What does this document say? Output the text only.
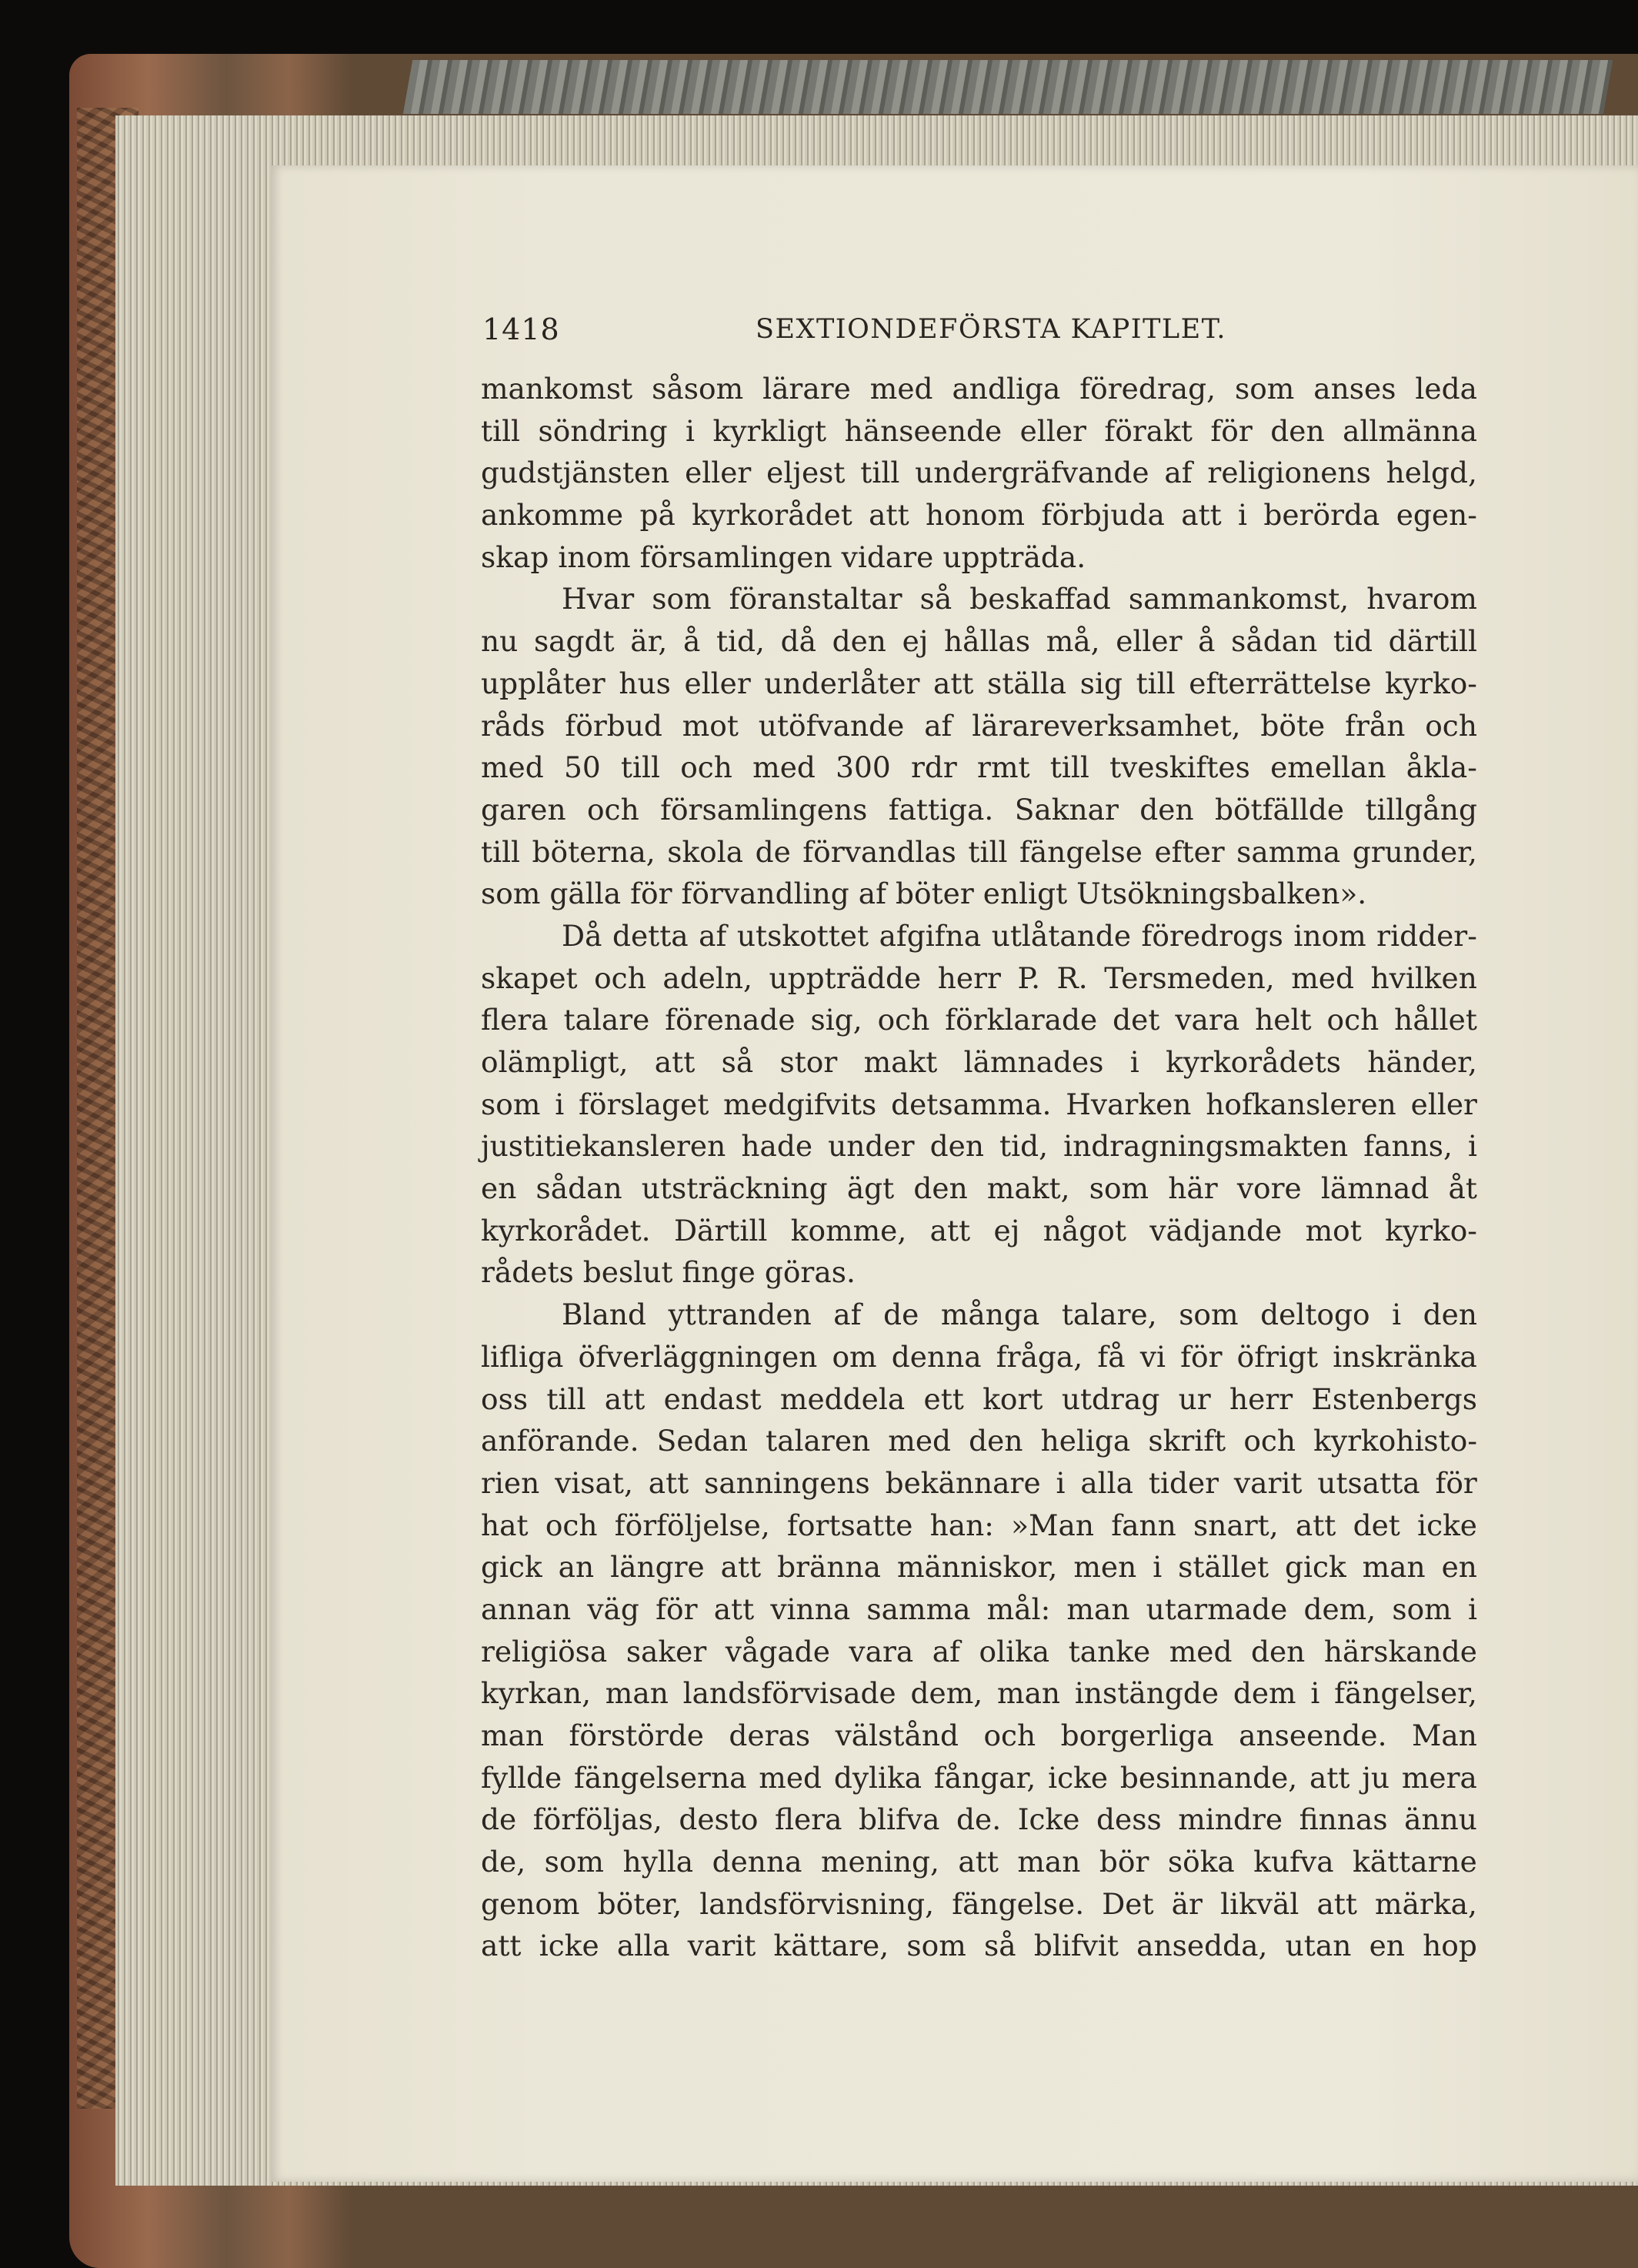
1418	SEXTIONDEFÖRSTA KAPITLET.
mankomst såsom lärare med andliga föredrag, som anses leda
till söndring i kyrkligt hänseende eller förakt för den allmänna
gudstjänsten eller eljest till undergräfvande af religionens helgd,
ankomme på kyrkorådet att honom förbjuda att i berörda egen-
skap inom församlingen vidare uppträda.
Hvar som föranstaltar så beskaffad sammankomst, hvarom
nu sagdt är, å tid, då den ej hållas må, eller å sådan tid därtill
upplåter hus eller underlåter att ställa sig till efterrättelse kyrko-
råds förbud mot utöfvande af lärareverksamhet, böte från och
med 50 till och med 300 rdr rmt till tveskiftes emellan åkla-
garen och församlingens fattiga. Saknar den bötfällde tillgång
till böterna, skola de förvandlas till fängelse efter samma grunder,
som gälla för förvandling af böter enligt Utsökningsbalken».
Då detta af utskottet afgifna utlåtande föredrogs inom ridder-
skapet och adeln, uppträdde herr P. R. Tersmeden, med hvilken
flera talare förenade sig, och förklarade det vara helt och hållet
olämpligt, att så stor makt lämnades i kyrkorådets händer,
som i förslaget medgifvits detsamma. Hvarken hofkansleren eller
justitiekansleren hade under den tid, indragningsmakten fanns, i
en sådan utsträckning ägt den makt, som här vore lämnad åt
kyrkorådet. Därtill komme, att ej något vädjande mot kyrko-
rådets beslut finge göras.
Bland yttranden af de många talare, som deltogo i den
lifliga öfverläggningen om denna fråga, få vi för öfrigt inskränka
oss till att endast meddela ett kort utdrag ur herr Estenbergs
anförande. Sedan talaren med den heliga skrift och kyrkohisto-
rien visat, att sanningens bekännare i alla tider varit utsatta för
hat och förföljelse, fortsatte han: »Man fann snart, att det icke
gick an längre att bränna människor, men i stället gick man en
annan väg för att vinna samma mål: man utarmade dem, som i
religiösa saker vågade vara af olika tanke med den härskande
kyrkan, man landsförvisade dem, man instängde dem i fängelser,
man förstörde deras välstånd och borgerliga anseende. Man
fyllde fängelserna med dylika fångar, icke besinnande, att ju mera
de förföljas, desto flera blifva de. Icke dess mindre finnas ännu
de, som hylla denna mening, att man bör söka kufva kättarne
genom böter, landsförvisning, fängelse. Det är likväl att märka,
att icke alla varit kättare, som så blifvit ansedda, utan en hop
